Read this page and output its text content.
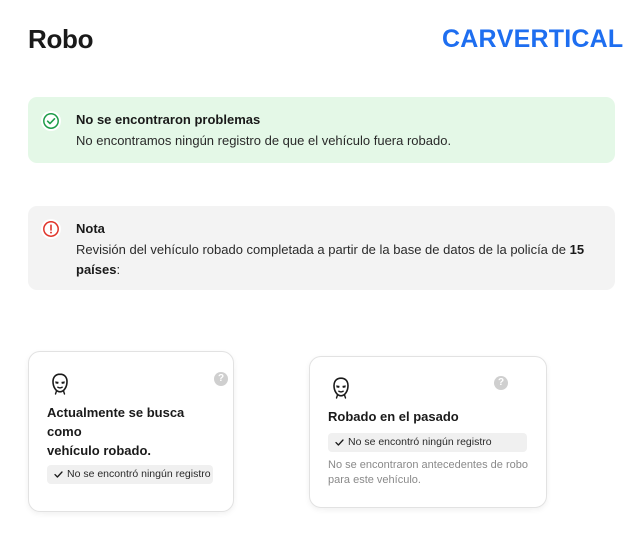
Robo	CAR V ERTICAL
No se encontraron problemas
No encontramos ningún registro de que el vehículo fuera robado.
Nota
Revisión del vehículo robado completada a partir de la base de datos de la policía de 15 países:
?
Actualmente se busca
como
vehículo robado.
No se encontró ningún registro
?
Robado en el pasado
No se encontró ningún registro
No se encontraron antecedentes de robo para este vehículo.
